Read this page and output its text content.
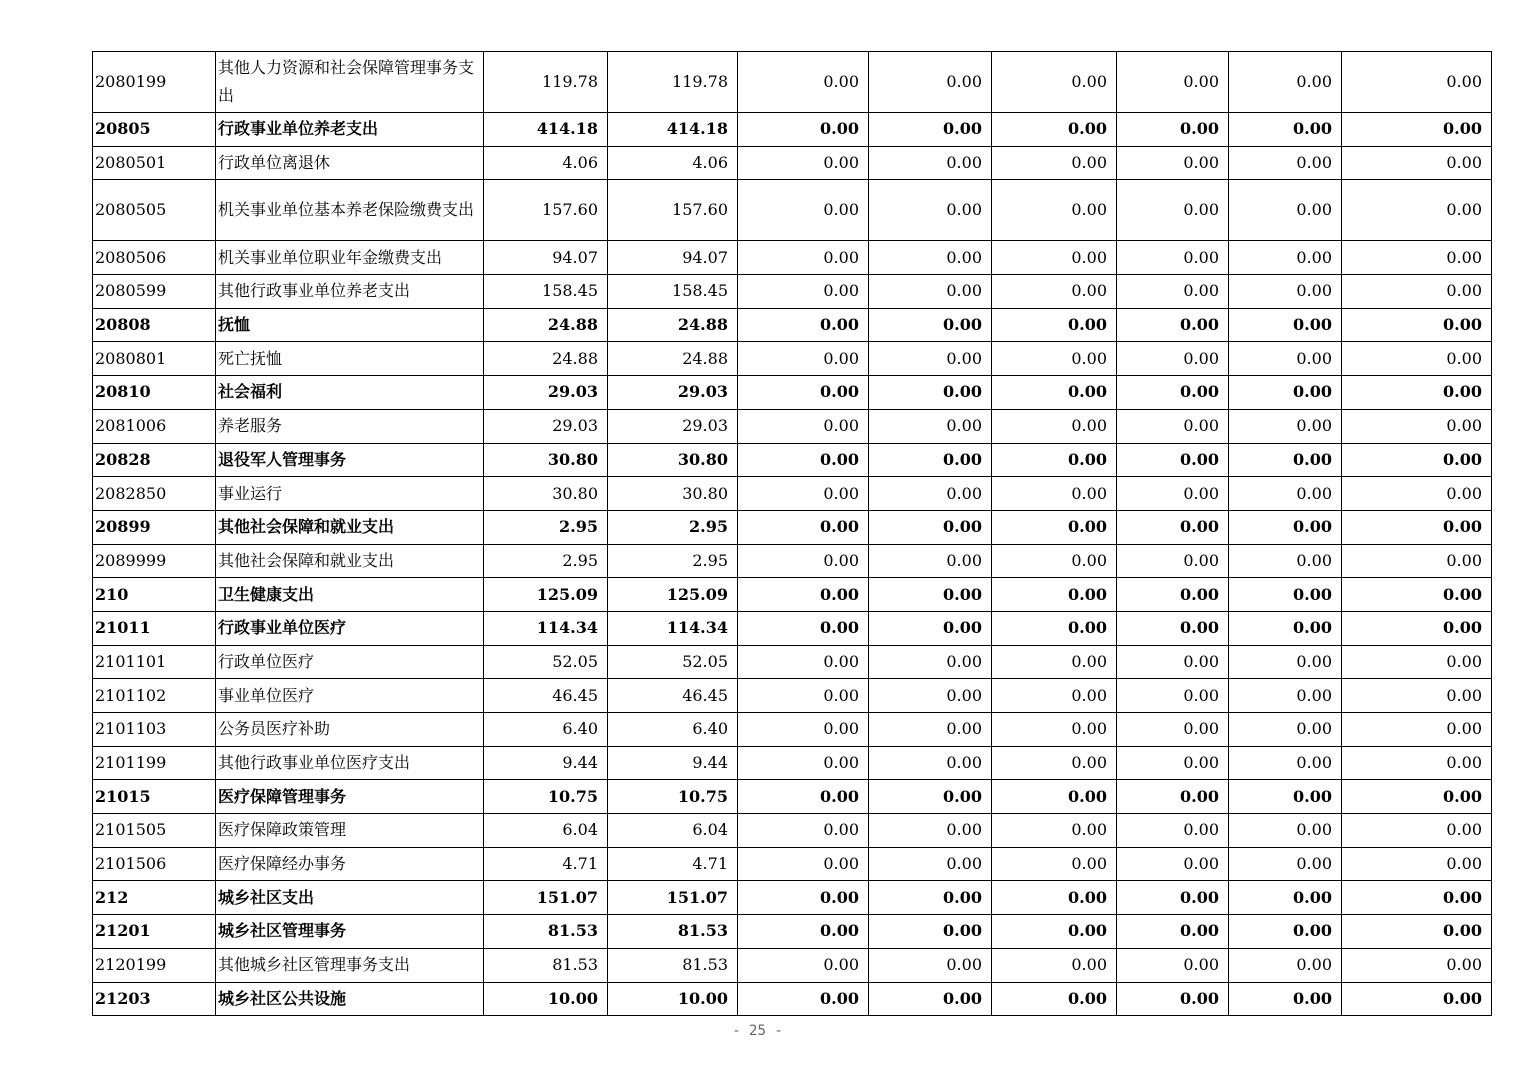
2080199	其他人力资源和社会保障管理事务支出	119.78	119.78	0.00	0.00	0.00	0.00	0.00	0.00
20805	行政事业单位养老支出	414.18	414.18	0.00	0.00	0.00	0.00	0.00	0.00
2080501	行政单位离退休	4.06	4.06	0.00	0.00	0.00	0.00	0.00	0.00
2080505	机关事业单位基本养老保险缴费支出	157.60	157.60	0.00	0.00	0.00	0.00	0.00	0.00
2080506	机关事业单位职业年金缴费支出	94.07	94.07	0.00	0.00	0.00	0.00	0.00	0.00
2080599	其他行政事业单位养老支出	158.45	158.45	0.00	0.00	0.00	0.00	0.00	0.00
20808	抚恤	24.88	24.88	0.00	0.00	0.00	0.00	0.00	0.00
2080801	死亡抚恤	24.88	24.88	0.00	0.00	0.00	0.00	0.00	0.00
20810	社会福利	29.03	29.03	0.00	0.00	0.00	0.00	0.00	0.00
2081006	养老服务	29.03	29.03	0.00	0.00	0.00	0.00	0.00	0.00
20828	退役军人管理事务	30.80	30.80	0.00	0.00	0.00	0.00	0.00	0.00
2082850	事业运行	30.80	30.80	0.00	0.00	0.00	0.00	0.00	0.00
20899	其他社会保障和就业支出	2.95	2.95	0.00	0.00	0.00	0.00	0.00	0.00
2089999	其他社会保障和就业支出	2.95	2.95	0.00	0.00	0.00	0.00	0.00	0.00
210	卫生健康支出	125.09	125.09	0.00	0.00	0.00	0.00	0.00	0.00
21011	行政事业单位医疗	114.34	114.34	0.00	0.00	0.00	0.00	0.00	0.00
2101101	行政单位医疗	52.05	52.05	0.00	0.00	0.00	0.00	0.00	0.00
2101102	事业单位医疗	46.45	46.45	0.00	0.00	0.00	0.00	0.00	0.00
2101103	公务员医疗补助	6.40	6.40	0.00	0.00	0.00	0.00	0.00	0.00
2101199	其他行政事业单位医疗支出	9.44	9.44	0.00	0.00	0.00	0.00	0.00	0.00
21015	医疗保障管理事务	10.75	10.75	0.00	0.00	0.00	0.00	0.00	0.00
2101505	医疗保障政策管理	6.04	6.04	0.00	0.00	0.00	0.00	0.00	0.00
2101506	医疗保障经办事务	4.71	4.71	0.00	0.00	0.00	0.00	0.00	0.00
212	城乡社区支出	151.07	151.07	0.00	0.00	0.00	0.00	0.00	0.00
21201	城乡社区管理事务	81.53	81.53	0.00	0.00	0.00	0.00	0.00	0.00
2120199	其他城乡社区管理事务支出	81.53	81.53	0.00	0.00	0.00	0.00	0.00	0.00
21203	城乡社区公共设施	10.00	10.00	0.00	0.00	0.00	0.00	0.00	0.00
- 25 -
